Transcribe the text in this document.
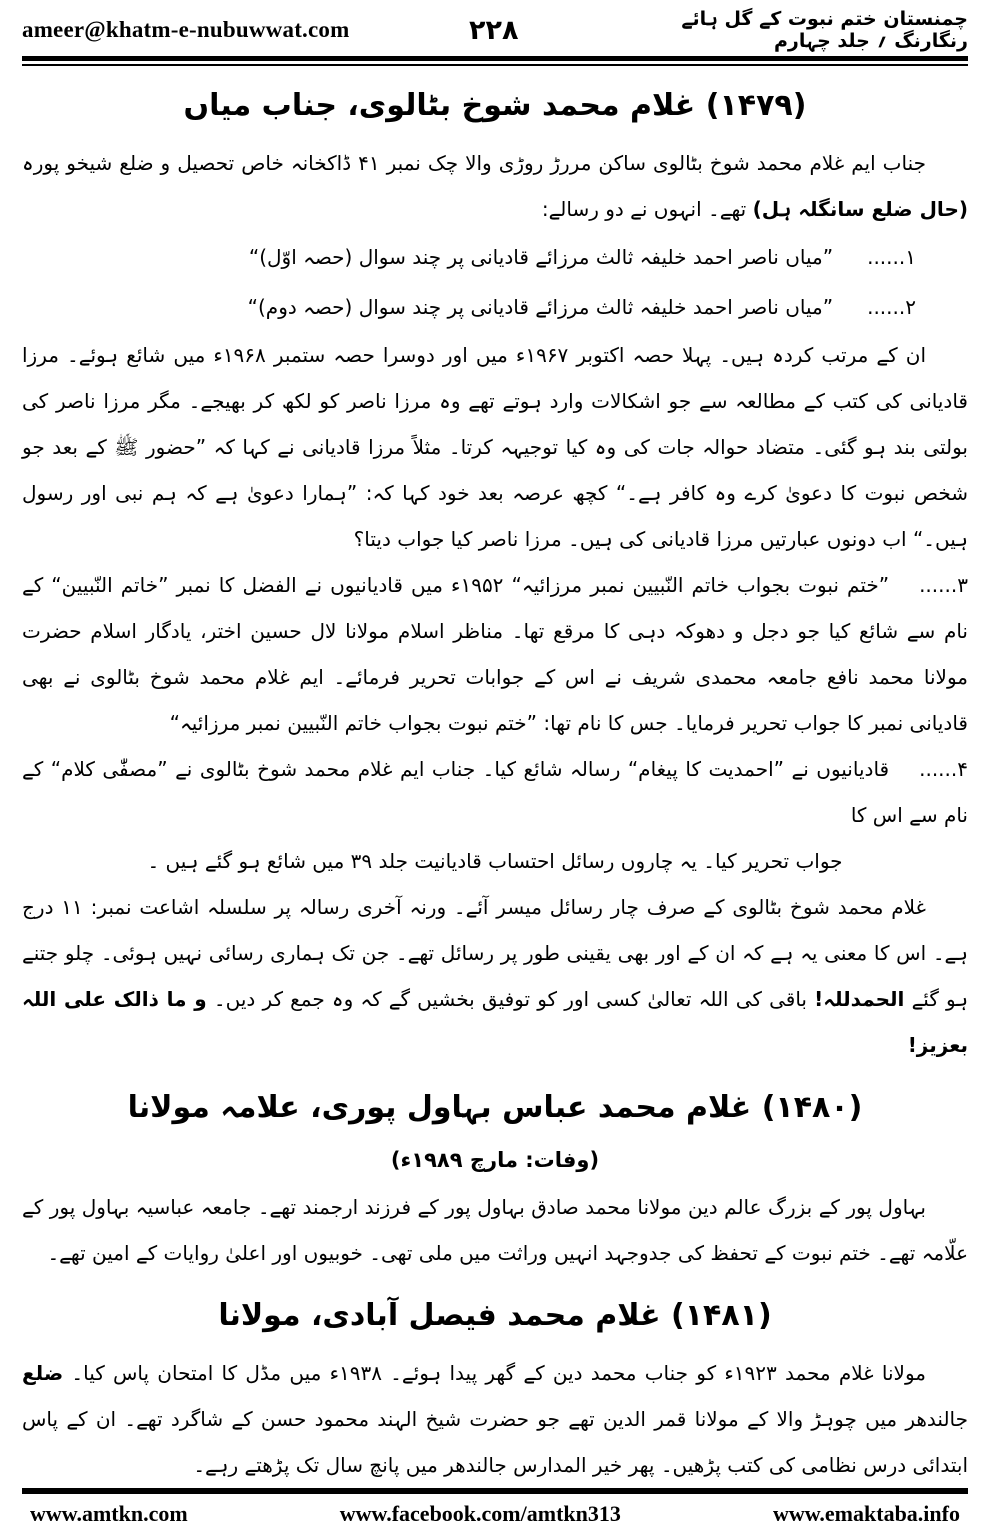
ameer@khatm-e-nubuwwat.com	۲۲۸	چمنستان ختم نبوت کے گل ہائے رنگارنگ ؍ جلد چہارم
(۱۴۷۹) غلام محمد شوخ بٹالوی، جناب میاں

جناب ایم غلام محمد شوخ بٹالوی ساکن مررڑ روڑی والا چک نمبر ۴۱ ڈاکخانہ خاص تحصیل و ضلع شیخو پورہ (حال ضلع سانگلہ ہل) تھے۔ انہوں نے دو رسالے:

۱......
”میاں ناصر احمد خلیفہ ثالث مرزائے قادیانی پر چند سوال (حصہ اوّل)“
۲......
”میاں ناصر احمد خلیفہ ثالث مرزائے قادیانی پر چند سوال (حصہ دوم)“

ان کے مرتب کردہ ہیں۔ پہلا حصہ اکتوبر ۱۹۶۷ء میں اور دوسرا حصہ ستمبر ۱۹۶۸ء میں شائع ہوئے۔ مرزا قادیانی کی کتب کے مطالعہ سے جو اشکالات وارد ہوتے تھے وہ مرزا ناصر کو لکھ کر بھیجے۔ مگر مرزا ناصر کی بولتی بند ہو گئی۔ متضاد حوالہ جات کی وہ کیا توجیہہ کرتا۔ مثلاً مرزا قادیانی نے کہا کہ ”حضور ﷺ کے بعد جو شخص نبوت کا دعویٰ کرے وہ کافر ہے۔“ کچھ عرصہ بعد خود کہا کہ: ”ہمارا دعویٰ ہے کہ ہم نبی اور رسول ہیں۔“ اب دونوں عبارتیں مرزا قادیانی کی ہیں۔ مرزا ناصر کیا جواب دیتا؟

۳......”ختم نبوت بجواب خاتم النّبیین نمبر مرزائیہ“ ۱۹۵۲ء میں قادیانیوں نے الفضل کا نمبر ”خاتم النّبیین“ کے نام سے شائع کیا جو دجل و دھوکہ دہی کا مرقع تھا۔ مناظر اسلام مولانا لال حسین اختر، یادگار اسلام حضرت مولانا محمد نافع جامعہ محمدی شریف نے اس کے جوابات تحریر فرمائے۔ ایم غلام محمد شوخ بٹالوی نے بھی قادیانی نمبر کا جواب تحریر فرمایا۔ جس کا نام تھا: ”ختم نبوت بجواب خاتم النّبیین نمبر مرزائیہ“

۴......قادیانیوں نے ”احمدیت کا پیغام“ رسالہ شائع کیا۔ جناب ایم غلام محمد شوخ بٹالوی نے ”مصفّٰی کلام“ کے نام سے اس کا

جواب تحریر کیا۔ یہ چاروں رسائل احتساب قادیانیت جلد ۳۹ میں شائع ہو گئے ہیں ۔

غلام محمد شوخ بٹالوی کے صرف چار رسائل میسر آئے۔ ورنہ آخری رسالہ پر سلسلہ اشاعت نمبر: ۱۱ درج ہے۔ اس کا معنی یہ ہے کہ ان کے اور بھی یقینی طور پر رسائل تھے۔ جن تک ہماری رسائی نہیں ہوئی۔ چلو جتنے ہو گئے الحمدللہ! باقی کی اللہ تعالیٰ کسی اور کو توفیق بخشیں گے کہ وہ جمع کر دیں۔ و ما ذالک علی اللہ بعزیز!

(۱۴۸۰) غلام محمد عباس بہاول پوری، علامہ مولانا
(وفات: مارچ ۱۹۸۹ء)

بہاول پور کے بزرگ عالم دین مولانا محمد صادق بہاول پور کے فرزند ارجمند تھے۔ جامعہ عباسیہ بہاول پور کے علّامہ تھے۔ ختم نبوت کے تحفظ کی جدوجہد انہیں وراثت میں ملی تھی۔ خوبیوں اور اعلیٰ روایات کے امین تھے۔

(۱۴۸۱) غلام محمد فیصل آبادی، مولانا

مولانا غلام محمد ۱۹۲۳ء کو جناب محمد دین کے گھر پیدا ہوئے۔ ۱۹۳۸ء میں مڈل کا امتحان پاس کیا۔ ضلع جالندھر میں چوہڑ والا کے مولانا قمر الدین تھے جو حضرت شیخ الہند محمود حسن کے شاگرد تھے۔ ان کے پاس ابتدائی درس نظامی کی کتب پڑھیں۔ پھر خیر المدارس جالندھر میں پانچ سال تک پڑھتے رہے۔

www.amtkn.com	www.facebook.com/amtkn313	www.emaktaba.info
